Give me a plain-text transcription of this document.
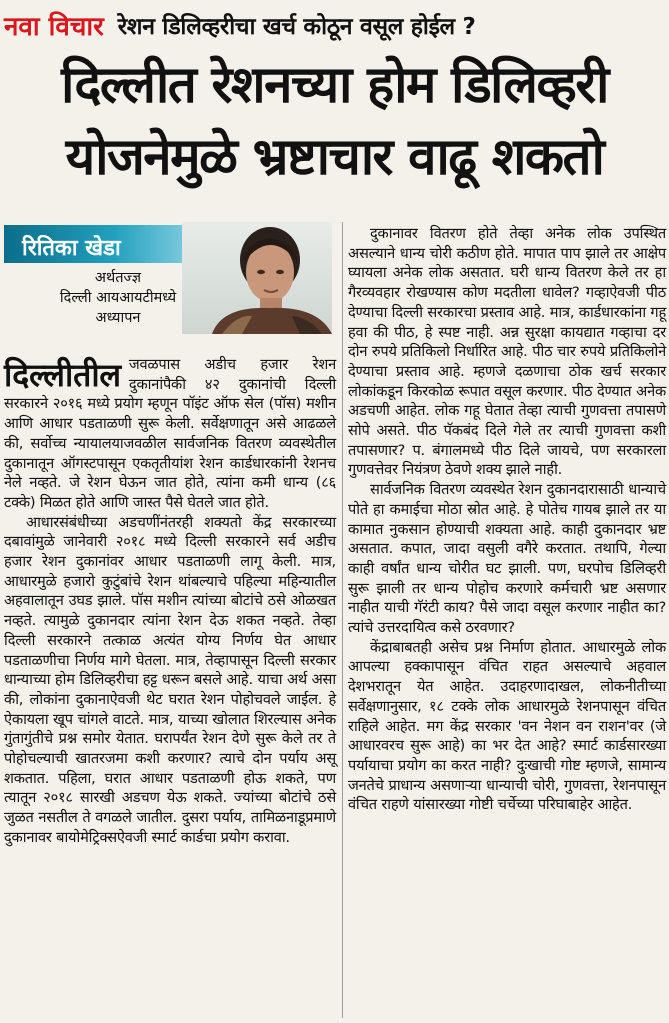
नवा विचार रेशन डिलिव्हरीचा खर्च कोठून वसूल होईल ?
दिल्लीत रेशनच्या होम डिलिव्हरी
योजनेमुळे भ्रष्टाचार वाढू शकतो
रितिका खेडा
अर्थतज्ज्ञ
दिल्ली आयआयटीमध्ये
अध्यापन

दिल्लीतील जवळपास अडीच हजार रेशन दुकानांपैकी ४२ दुकानांची दिल्ली सरकारने २०१६ मध्ये प्रयोग म्हणून पॉइंट ऑफ सेल (पॉस) मशीन आणि आधार पडताळणी सुरू केली. सर्वेक्षणातून असे आढळले की, सर्वोच्च न्यायालयाजवळील सार्वजनिक वितरण व्यवस्थेतील दुकानातून ऑगस्टपासून एकतृतीयांश रेशन कार्डधारकांनी रेशनच नेले नव्हते. जे रेशन घेऊन जात होते, त्यांना कमी धान्य (८६ टक्के) मिळत होते आणि जास्त पैसे घेतले जात होते.

आधारसंबंधीच्या अडचणींनंतरही शक्यतो केंद्र सरकारच्या दबावांमुळे जानेवारी २०१८ मध्ये दिल्ली सरकारने सर्व अडीच हजार रेशन दुकानांवर आधार पडताळणी लागू केली. मात्र, आधारमुळे हजारो कुटुंबांचे रेशन थांबल्याचे पहिल्या महिन्यातील अहवालातून उघड झाले. पॉस मशीन त्यांच्या बोटांचे ठसे ओळखत नव्हते. त्यामुळे दुकानदार त्यांना रेशन देऊ शकत नव्हते. तेव्हा दिल्ली सरकारने तत्काळ अत्यंत योग्य निर्णय घेत आधार पडताळणीचा निर्णय मागे घेतला. मात्र, तेव्हापासून दिल्ली सरकार धान्याच्या होम डिलिव्हरीचा हट्ट धरून बसले आहे. याचा अर्थ असा की, लोकांना दुकानाऐवजी थेट घरात रेशन पोहोचवले जाईल. हे ऐकायला खूप चांगले वाटते. मात्र, याच्या खोलात शिरल्यास अनेक गुंतागुंतीचे प्रश्न समोर येतात. घरापर्यंत रेशन देणे सुरू केले तर ते पोहोचल्याची खातरजमा कशी करणार? त्याचे दोन पर्याय असू शकतात. पहिला, घरात आधार पडताळणी होऊ शकते, पण त्यातून २०१८ सारखी अडचण येऊ शकते. ज्यांच्या बोटांचे ठसे जुळत नसतील ते वगळले जातील. दुसरा पर्याय, तामिळनाडूप्रमाणे दुकानावर बायोमेट्रिक्सऐवजी स्मार्ट कार्डचा प्रयोग करावा.

दुकानावर वितरण होते तेव्हा अनेक लोक उपस्थित असल्याने धान्य चोरी कठीण होते. मापात पाप झाले तर आक्षेप घ्यायला अनेक लोक असतात. घरी धान्य वितरण केले तर हा गैरव्यवहार रोखण्यास कोण मदतीला धावेल? गव्हाऐवजी पीठ देण्याचा दिल्ली सरकारचा प्रस्ताव आहे. मात्र, कार्डधारकांना गहू हवा की पीठ, हे स्पष्ट नाही. अन्न सुरक्षा कायद्यात गव्हाचा दर दोन रुपये प्रतिकिलो निर्धारित आहे. पीठ चार रुपये प्रतिकिलोने देण्याचा प्रस्ताव आहे. म्हणजे दळणाचा ठोक खर्च सरकार लोकांकडून किरकोळ रूपात वसूल करणार. पीठ देण्यात अनेक अडचणी आहेत. लोक गहू घेतात तेव्हा त्याची गुणवत्ता तपासणे सोपे असते. पीठ पॅकबंद दिले गेले तर त्याची गुणवत्ता कशी तपासणार? प. बंगालमध्ये पीठ दिले जायचे, पण सरकारला गुणवत्तेवर नियंत्रण ठेवणे शक्य झाले नाही.

सार्वजनिक वितरण व्यवस्थेत रेशन दुकानदारासाठी धान्याचे पोते हा कमाईचा मोठा स्रोत आहे. हे पोतेच गायब झाले तर या कामात नुकसान होण्याची शक्यता आहे. काही दुकानदार भ्रष्ट असतात. कपात, जादा वसुली वगैरे करतात. तथापि, गेल्या काही वर्षांत धान्य चोरीत घट झाली. पण, घरपोच डिलिव्हरी सुरू झाली तर धान्य पोहोच करणारे कर्मचारी भ्रष्ट असणार नाहीत याची गॅरंटी काय? पैसे जादा वसूल करणार नाहीत का? त्यांचे उत्तरदायित्व कसे ठरवणार?

केंद्राबाबतही असेच प्रश्न निर्माण होतात. आधारमुळे लोक आपल्या हक्कापासून वंचित राहत असल्याचे अहवाल देशभरातून येत आहेत. उदाहरणादाखल, लोकनीतीच्या सर्वेक्षणानुसार, १८ टक्के लोक आधारमुळे रेशनपासून वंचित राहिले आहेत. मग केंद्र सरकार 'वन नेशन वन राशन'वर (जे आधारवरच सुरू आहे) का भर देत आहे? स्मार्ट कार्डसारख्या पर्यायाचा प्रयोग का करत नाही? दुःखाची गोष्ट म्हणजे, सामान्य जनतेचे प्राधान्य असणाऱ्या धान्याची चोरी, गुणवत्ता, रेशनपासून वंचित राहणे यांसारख्या गोष्टी चर्चेच्या परिघाबाहेर आहेत.
